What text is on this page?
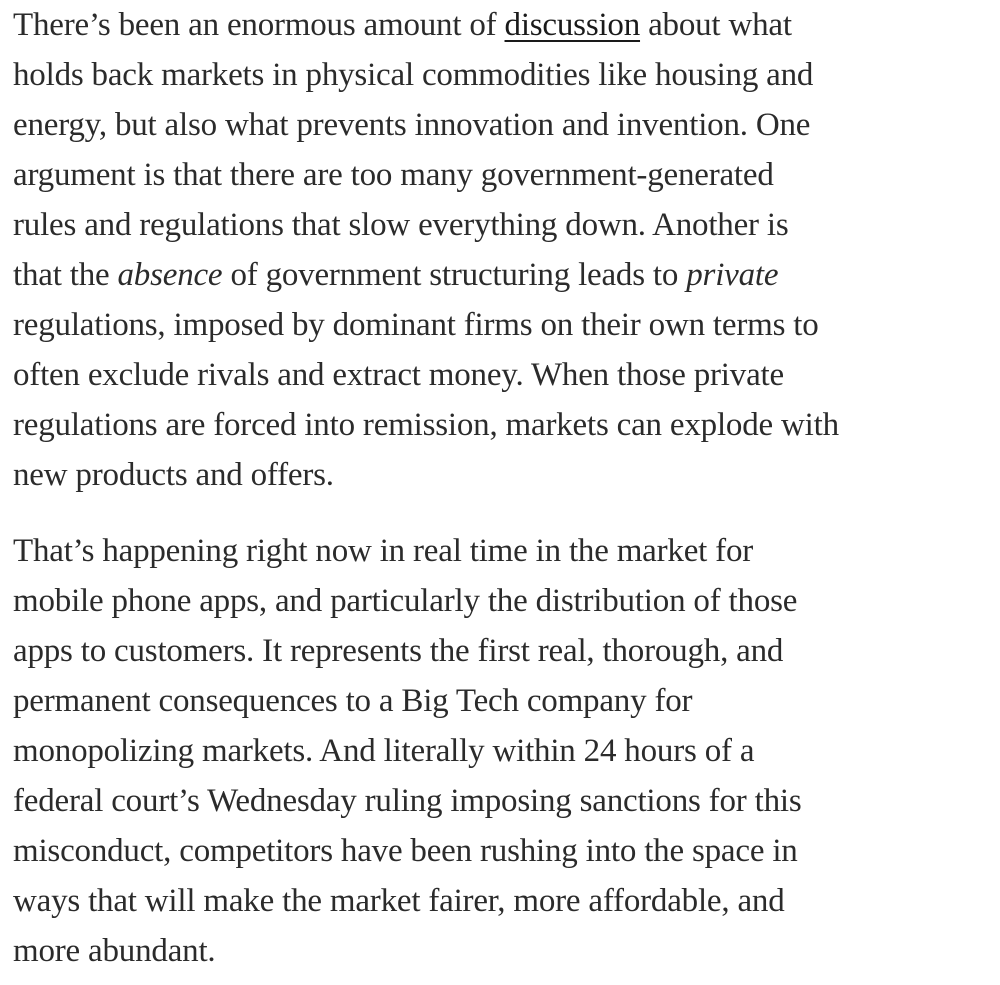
There’s been an enormous amount of discussion about what
holds back markets in physical commodities like housing and
energy, but also what prevents innovation and invention. One
argument is that there are too many government-generated
rules and regulations that slow everything down. Another is
that the absence of government structuring leads to private
regulations, imposed by dominant firms on their own terms to
often exclude rivals and extract money. When those private
regulations are forced into remission, markets can explode with
new products and offers.

That’s happening right now in real time in the market for
mobile phone apps, and particularly the distribution of those
apps to customers. It represents the first real, thorough, and
permanent consequences to a Big Tech company for
monopolizing markets. And literally within 24 hours of a
federal court’s Wednesday ruling imposing sanctions for this
misconduct, competitors have been rushing into the space in
ways that will make the market fairer, more affordable, and
more abundant.
